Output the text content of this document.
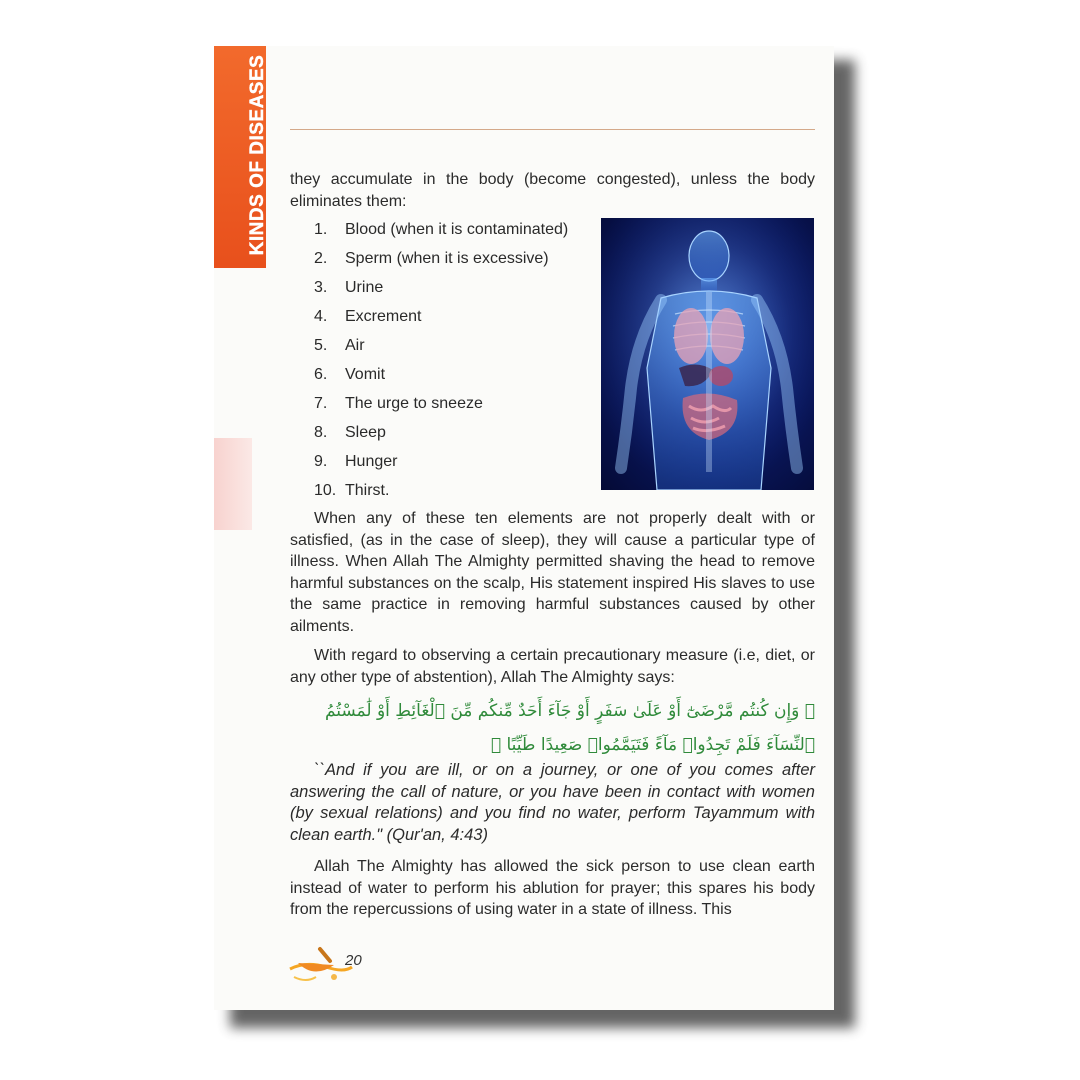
KINDS OF DISEASES they accumulate in the body (become congested), unless the body eliminates them:
1. Blood (when it is contaminated)
2. Sperm (when it is excessive)
3. Urine
4. Excrement
5. Air
6. Vomit
7. The urge to sneeze
8. Sleep
9. Hunger
10. Thirst.
When any of these ten elements are not properly dealt with or satisfied, (as in the case of sleep), they will cause a particular type of illness. When Allah The Almighty permitted shaving the head to remove harmful substances on the scalp, His statement inspired His slaves to use the same practice in removing harmful substances caused by other ailments.
With regard to observing a certain precautionary measure (i.e, diet, or any other type of abstention), Allah The Almighty says:
﴿ وَإِن كُنتُم مَّرْضَىٰٓ أَوْ عَلَىٰ سَفَرٍ أَوْ جَآءَ أَحَدٌ مِّنكُم مِّنَ ٱلْغَآئِطِ أَوْ لَٰمَسْتُمُ ٱلنِّسَآءَ فَلَمْ تَجِدُوا۟ مَآءً فَتَيَمَّمُوا۟ صَعِيدًا طَيِّبًا ﴾
``And if you are ill, or on a journey, or one of you comes after answering the call of nature, or you have been in contact with women (by sexual relations) and you find no water, perform Tayammum with clean earth." (Qur'an, 4:43)
Allah The Almighty has allowed the sick person to use clean earth instead of water to perform his ablution for prayer; this spares his body from the repercussions of using water in a state of illness. This
20
